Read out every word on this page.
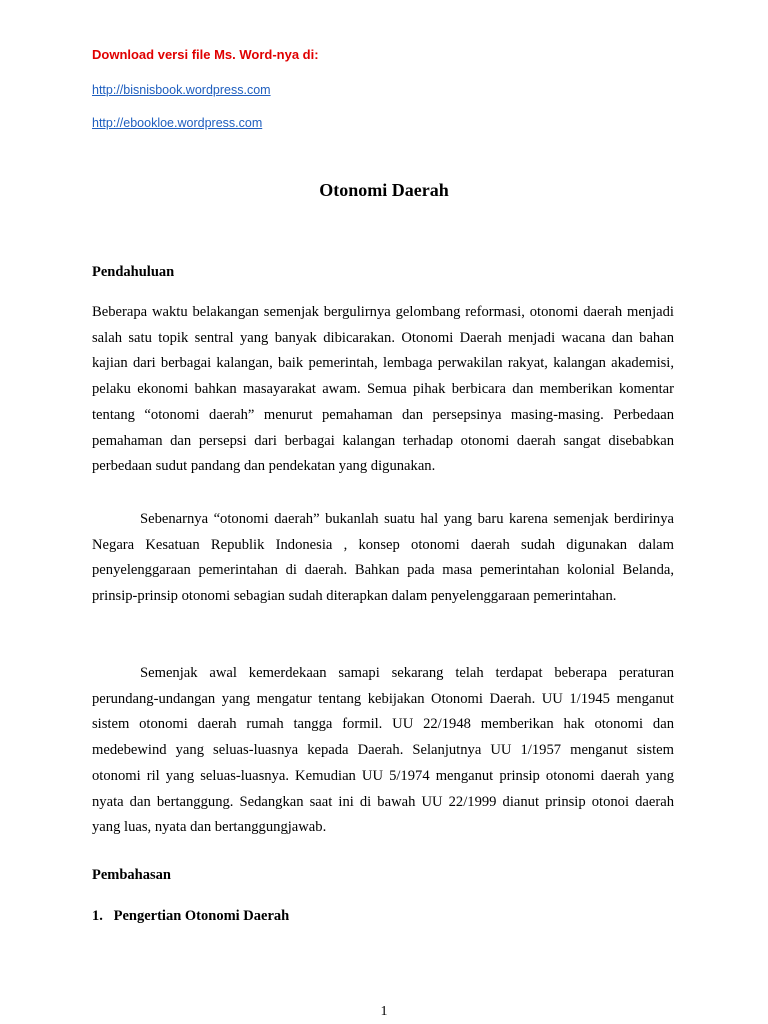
Download versi file Ms. Word-nya di:

http://bisnisbook.wordpress.com
http://ebookloe.wordpress.com
Otonomi Daerah
Pendahuluan

Beberapa waktu belakangan semenjak bergulirnya gelombang reformasi, otonomi daerah menjadi salah satu topik sentral yang banyak dibicarakan. Otonomi Daerah menjadi wacana dan bahan kajian dari berbagai kalangan, baik pemerintah, lembaga perwakilan rakyat, kalangan akademisi, pelaku ekonomi bahkan masayarakat awam. Semua pihak berbicara dan memberikan komentar tentang “otonomi daerah” menurut pemahaman dan persepsinya masing-masing. Perbedaan pemahaman dan persepsi dari berbagai kalangan terhadap otonomi daerah sangat disebabkan perbedaan sudut pandang dan pendekatan yang digunakan.

Sebenarnya “otonomi daerah” bukanlah suatu hal yang baru karena semenjak berdirinya Negara Kesatuan Republik Indonesia , konsep otonomi daerah sudah digunakan dalam penyelenggaraan pemerintahan di daerah. Bahkan pada masa pemerintahan kolonial Belanda, prinsip-prinsip otonomi sebagian sudah diterapkan dalam penyelenggaraan pemerintahan.

Semenjak awal kemerdekaan samapi sekarang telah terdapat beberapa peraturan perundang-undangan yang mengatur tentang kebijakan Otonomi Daerah. UU 1/1945 menganut sistem otonomi daerah rumah tangga formil. UU 22/1948 memberikan hak otonomi dan medebewind yang seluas-luasnya kepada Daerah. Selanjutnya UU 1/1957 menganut sistem otonomi ril yang seluas-luasnya. Kemudian UU 5/1974 menganut prinsip otonomi daerah yang nyata dan bertanggung. Sedangkan saat ini di bawah UU 22/1999 dianut prinsip otonoi daerah yang luas, nyata dan bertanggungjawab.

Pembahasan

1. Pengertian Otonomi Daerah

1
